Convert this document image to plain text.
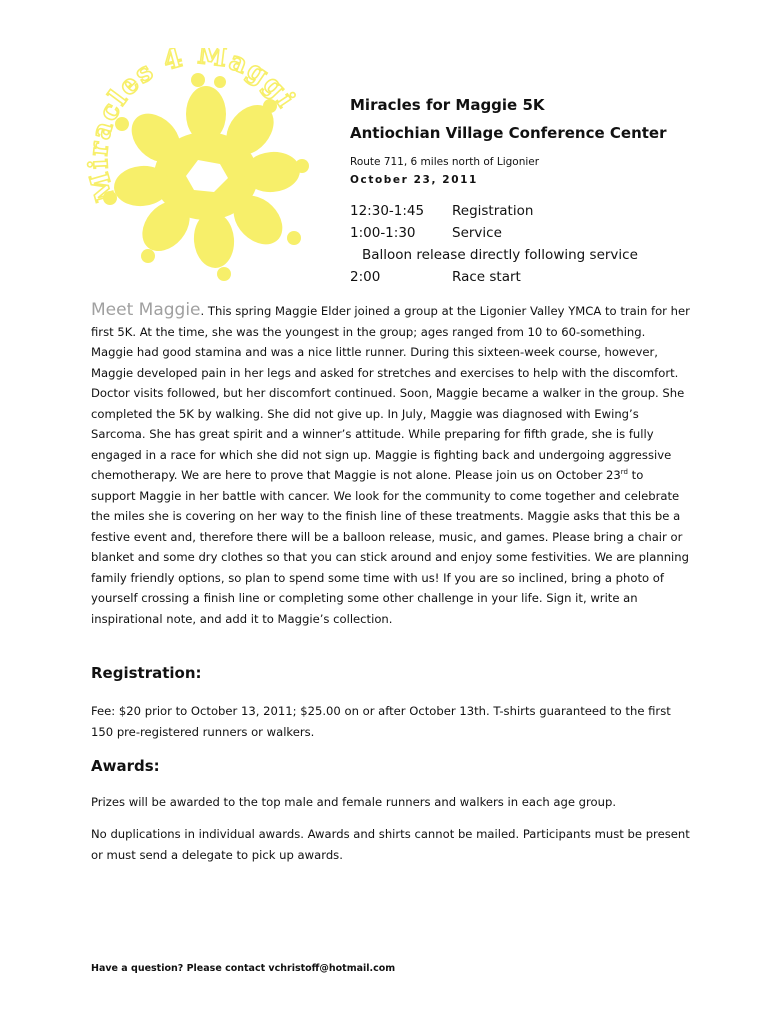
Miracles 4 Maggi	Miracles for Maggie 5K
Antiochian Village Conference Center
Route 711, 6 miles north of Ligonier
October 23, 2011
12:30-1:45 Registration
1:00-1:30	Service
Balloon release directly following service
2:00	Race start

Meet Maggie. This spring Maggie Elder joined a group at the Ligonier Valley YMCA to train for her first 5K. At the time, she was the youngest in the group; ages ranged from 10 to 60-something. Maggie had good stamina and was a nice little runner. During this sixteen-week course, however, Maggie developed pain in her legs and asked for stretches and exercises to help with the discomfort. Doctor visits followed, but her discomfort continued. Soon, Maggie became a walker in the group. She completed the 5K by walking. She did not give up. In July, Maggie was diagnosed with Ewing’s Sarcoma. She has great spirit and a winner’s attitude. While preparing for fifth grade, she is fully engaged in a race for which she did not sign up. Maggie is fighting back and undergoing aggressive chemotherapy. We are here to prove that Maggie is not alone. Please join us on October 23rd to support Maggie in her battle with cancer. We look for the community to come together and celebrate the miles she is covering on her way to the finish line of these treatments. Maggie asks that this be a festive event and, therefore there will be a balloon release, music, and games. Please bring a chair or blanket and some dry clothes so that you can stick around and enjoy some festivities. We are planning family friendly options, so plan to spend some time with us! If you are so inclined, bring a photo of yourself crossing a finish line or completing some other challenge in your life. Sign it, write an inspirational note, and add it to Maggie’s collection.

Registration:

Fee: $20 prior to October 13, 2011; $25.00 on or after October 13th. T-shirts guaranteed to the first 150 pre-registered runners or walkers.

Awards:

Prizes will be awarded to the top male and female runners and walkers in each age group.

No duplications in individual awards. Awards and shirts cannot be mailed. Participants must be present or must send a delegate to pick up awards.

Have a question? Please contact vchristoff@hotmail.com
